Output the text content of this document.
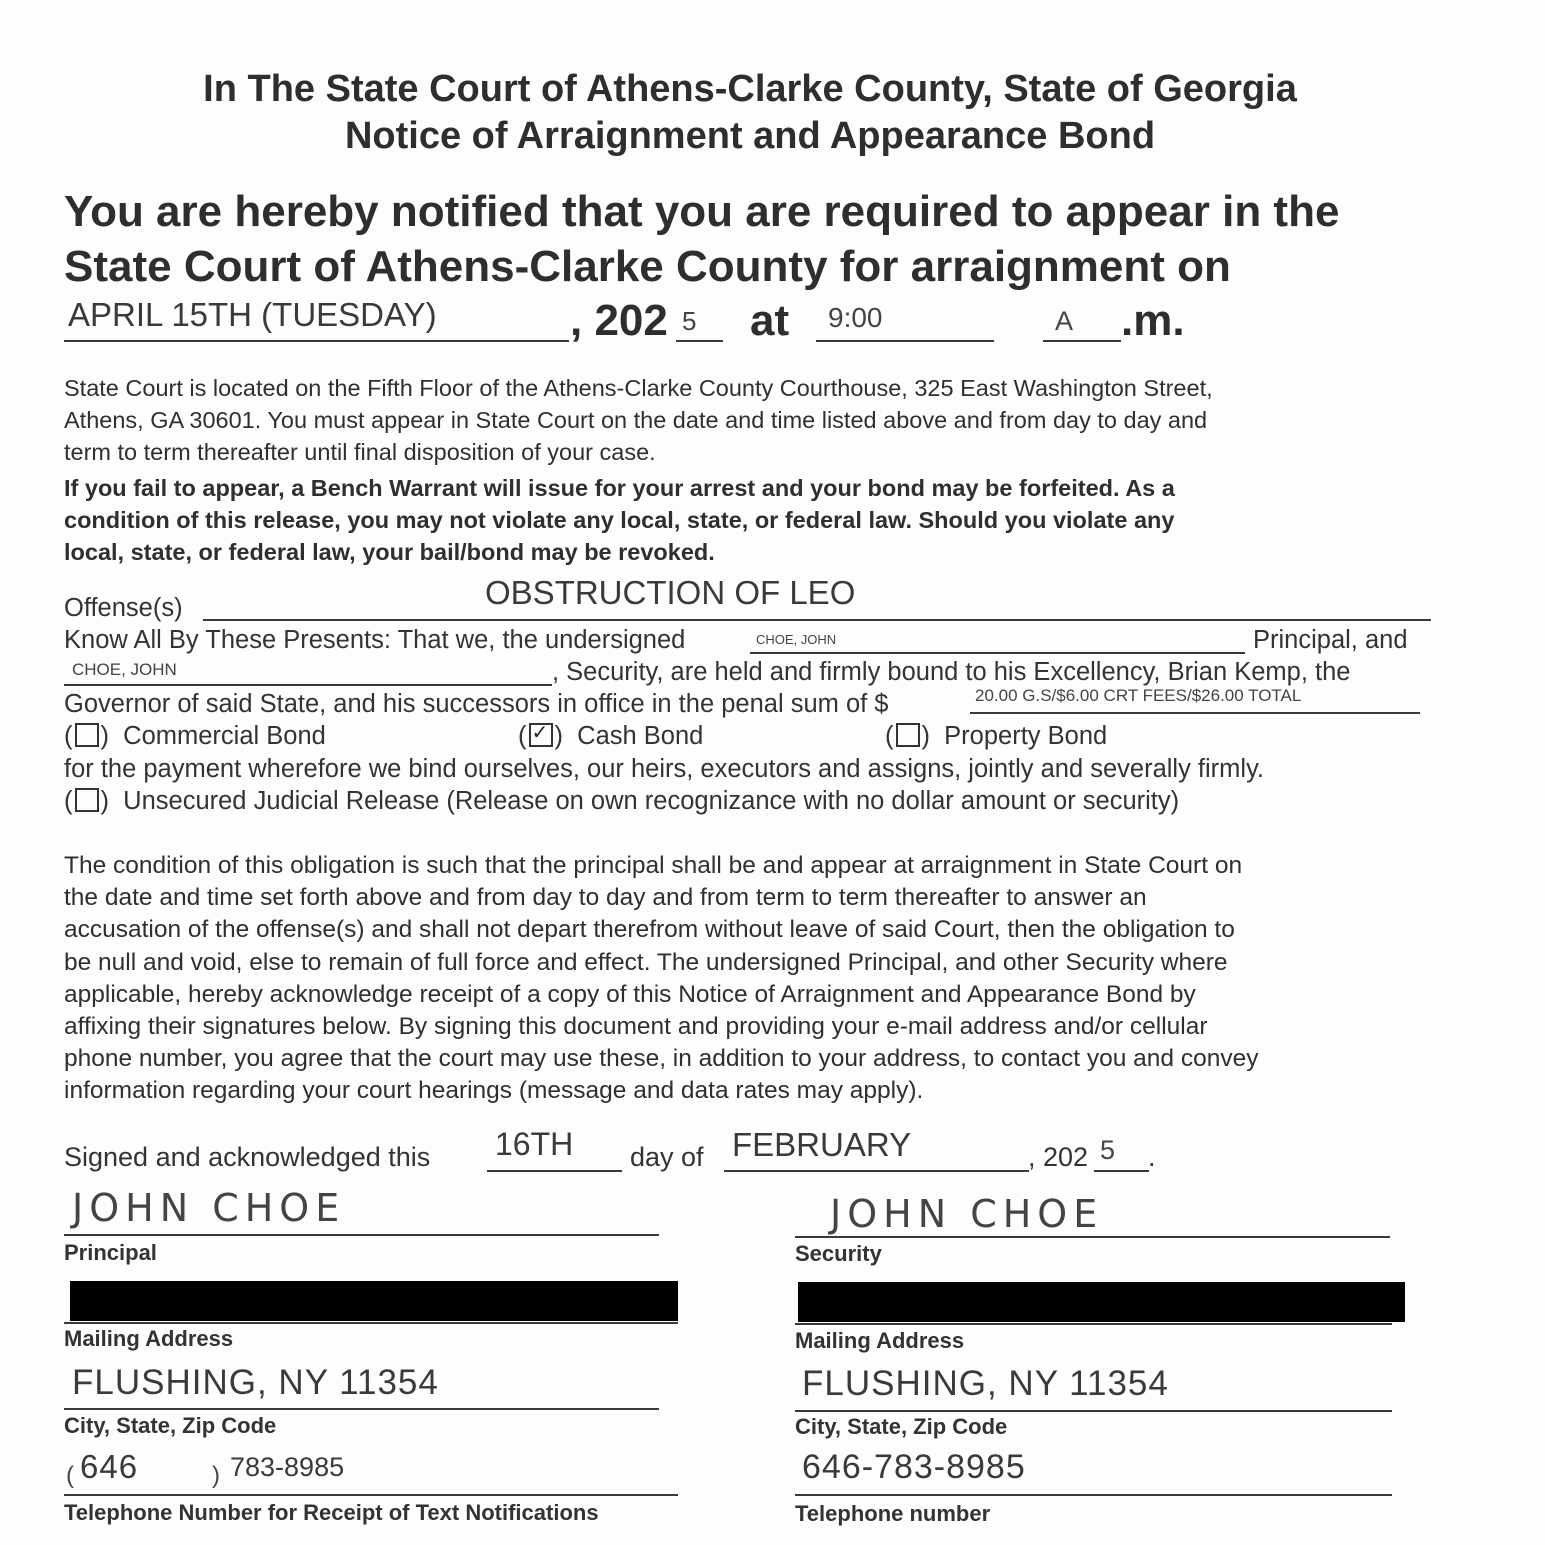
In The State Court of Athens-Clarke County, State of Georgia
Notice of Arraignment and Appearance Bond
You are hereby notified that you are required to appear in the
State Court of Athens-Clarke County for arraignment on
APRIL 15TH (TUESDAY)	, 202 5 at 9:00	A .m.
State Court is located on the Fifth Floor of the Athens-Clarke County Courthouse, 325 East Washington Street,
Athens, GA 30601. You must appear in State Court on the date and time listed above and from day to day and
term to term thereafter until final disposition of your case.
If you fail to appear, a Bench Warrant will issue for your arrest and your bond may be forfeited. As a
condition of this release, you may not violate any local, state, or federal law. Should you violate any
local, state, or federal law, your bail/bond may be revoked.
Offense(s)	OBSTRUCTION OF LEO
Know All By These Presents: That we, the undersigned	CHOE, JOHN	Principal, and
CHOE, JOHN	, Security, are held and firmly bound to his Excellency, Brian Kemp, the
Governor of said State, and his successors in office in the penal sum of $	20.00 G.S/$6.00 CRT FEES/$26.00 TOTAL
( )  Commercial Bond	(✓ )  Cash Bond	( )  Property Bond
for the payment wherefore we bind ourselves, our heirs, executors and assigns, jointly and severally firmly.
( )  Unsecured Judicial Release (Release on own recognizance with no dollar amount or security)
The condition of this obligation is such that the principal shall be and appear at arraignment in State Court on
the date and time set forth above and from day to day and from term to term thereafter to answer an
accusation of the offense(s) and shall not depart therefrom without leave of said Court, then the obligation to
be null and void, else to remain of full force and effect. The undersigned Principal, and other Security where
applicable, hereby acknowledge receipt of a copy of this Notice of Arraignment and Appearance Bond by
affixing their signatures below. By signing this document and providing your e-mail address and/or cellular
phone number, you agree that the court may use these, in addition to your address, to contact you and convey
information regarding your court hearings (message and data rates may apply).
Signed and acknowledged this 16TH day of FEBRUARY	, 202 5 .
JOHN CHOE
Principal
Mailing Address
FLUSHING, NY 11354
City, State, Zip Code
( 646	) 783-8985
Telephone Number for Receipt of Text Notifications
JOHN CHOE
Security
Mailing Address
FLUSHING, NY 11354
City, State, Zip Code
646-783-8985
Telephone number
